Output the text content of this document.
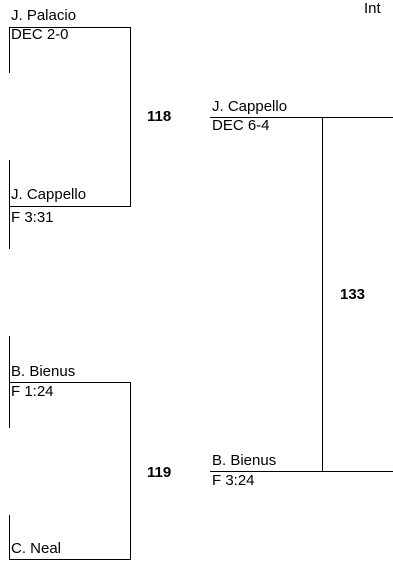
Int
J. Palacio
DEC 2-0
118
J. Cappello
F 3:31
B. Bienus
F 1:24
119
C. Neal
J. Cappello
DEC 6-4
133
B. Bienus
F 3:24
